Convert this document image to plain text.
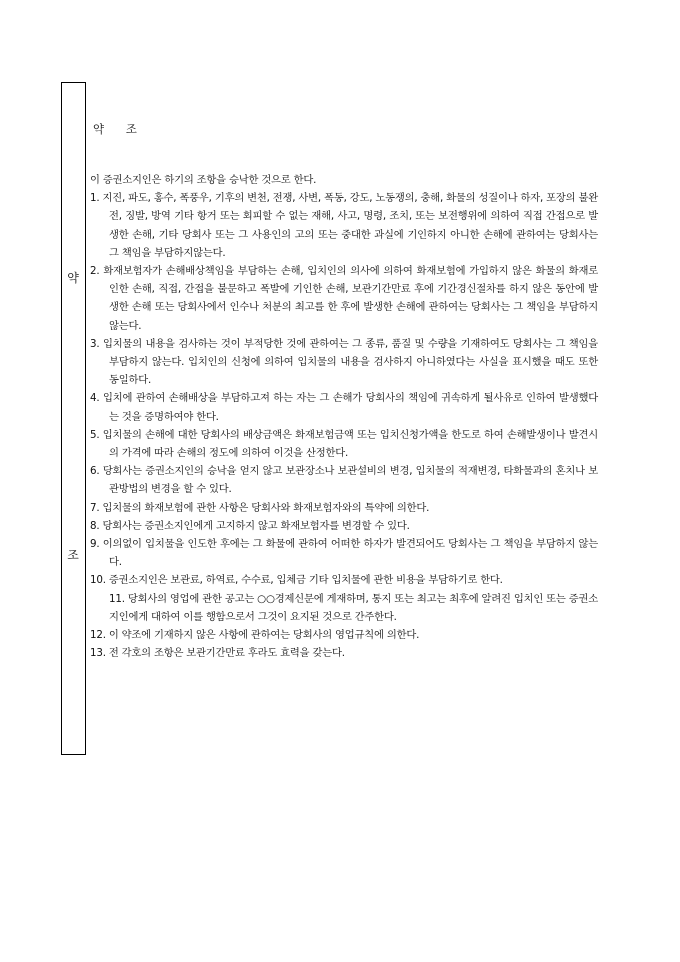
약
조
약 조

이 증권소지인은 하기의 조항을 승낙한 것으로 한다.

1. 지진, 파도, 홍수, 폭풍우, 기후의 변천, 전쟁, 사변, 폭동, 강도, 노동쟁의, 충해, 화물의 성질이나 하자, 포장의 불완전, 징발, 방역 기타 항거 또는 회피할 수 없는 재해, 사고, 명령, 조치, 또는 보전행위에 의하여 직접 간접으로 발생한 손해, 기타 당회사 또는 그 사용인의 고의 또는 중대한 과실에 기인하지 아니한 손해에 관하여는 당회사는 그 책임을 부담하지않는다.

2. 화재보험자가 손해배상책임을 부담하는 손해, 입치인의 의사에 의하여 화재보험에 가입하지 않은 화물의 화재로 인한 손해, 직접, 간접을 불문하고 폭발에 기인한 손해, 보관기간만료 후에 기간경신절차를 하지 않은 동안에 발생한 손해 또는 당회사에서 인수나 처분의 최고를 한 후에 발생한 손해에 관하여는 당회사는 그 책임을 부담하지 않는다.

3. 입치물의 내용을 검사하는 것이 부적당한 것에 관하여는 그 종류, 품질 및 수량을 기재하여도 당회사는 그 책임을 부담하지 않는다. 입치인의 신청에 의하여 입치물의 내용을 검사하지 아니하였다는 사실을 표시했을 때도 또한 동일하다.

4. 입치에 관하여 손해배상을 부담하고져 하는 자는 그 손해가 당회사의 책임에 귀속하게 될사유로 인하여 발생했다는 것을 증명하여야 한다.

5. 입치물의 손해에 대한 당회사의 배상금액은 화재보험금액 또는 입치신청가액을 한도로 하여 손해발생이나 발견시의 가격에 따라 손해의 정도에 의하여 이것을 산정한다.

6. 당회사는 증권소지인의 승낙을 얻지 않고 보관장소나 보관설비의 변경, 입치물의 적재변경, 타화물과의 혼치나 보관방법의 변경을 할 수 있다.

7. 입치물의 화재보험에 관한 사항은 당회사와 화재보험자와의 특약에 의한다.

8. 당회사는 증권소지인에게 고지하지 않고 화재보험자를 변경할 수 있다.

9. 이의없이 입치물을 인도한 후에는 그 화물에 관하여 어떠한 하자가 발견되어도 당회사는 그 책임을 부담하지 않는다.

10. 증권소지인은 보관료, 하역료, 수수료, 입체금 기타 입치물에 관한 비용을 부담하기로 한다.

11. 당회사의 영업에 관한 공고는 ○○경제신문에 게재하며, 통지 또는 최고는 최후에 알려진 입치인 또는 증권소지인에게 대하여 이를 행함으로서 그것이 요지된 것으로 간주한다.

12. 이 약조에 기재하지 않은 사항에 관하여는 당회사의 영업규칙에 의한다.

13. 전 각호의 조항은 보관기간만료 후라도 효력을 갖는다.
